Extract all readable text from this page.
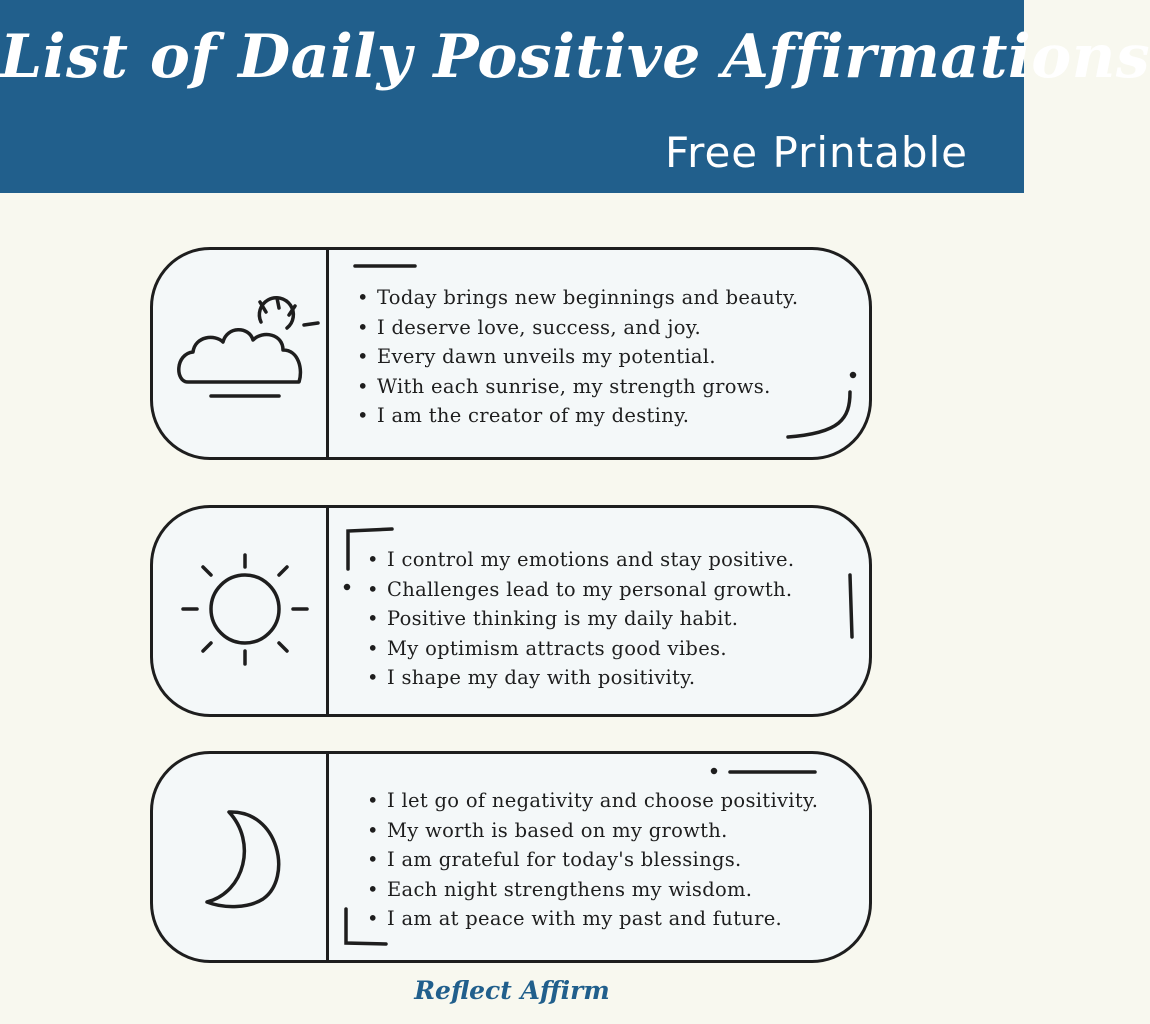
List of Daily Positive Affirmations
Free Printable
• Today brings new beginnings and beauty.
• I deserve love, success, and joy.
• Every dawn unveils my potential.
• With each sunrise, my strength grows.
• I am the creator of my destiny.
• I control my emotions and stay positive.
• Challenges lead to my personal growth.
• Positive thinking is my daily habit.
• My optimism attracts good vibes.
• I shape my day with positivity.
• I let go of negativity and choose positivity.
• My worth is based on my growth.
• I am grateful for today's blessings.
• Each night strengthens my wisdom.
• I am at peace with my past and future.
Reflect Affirm
